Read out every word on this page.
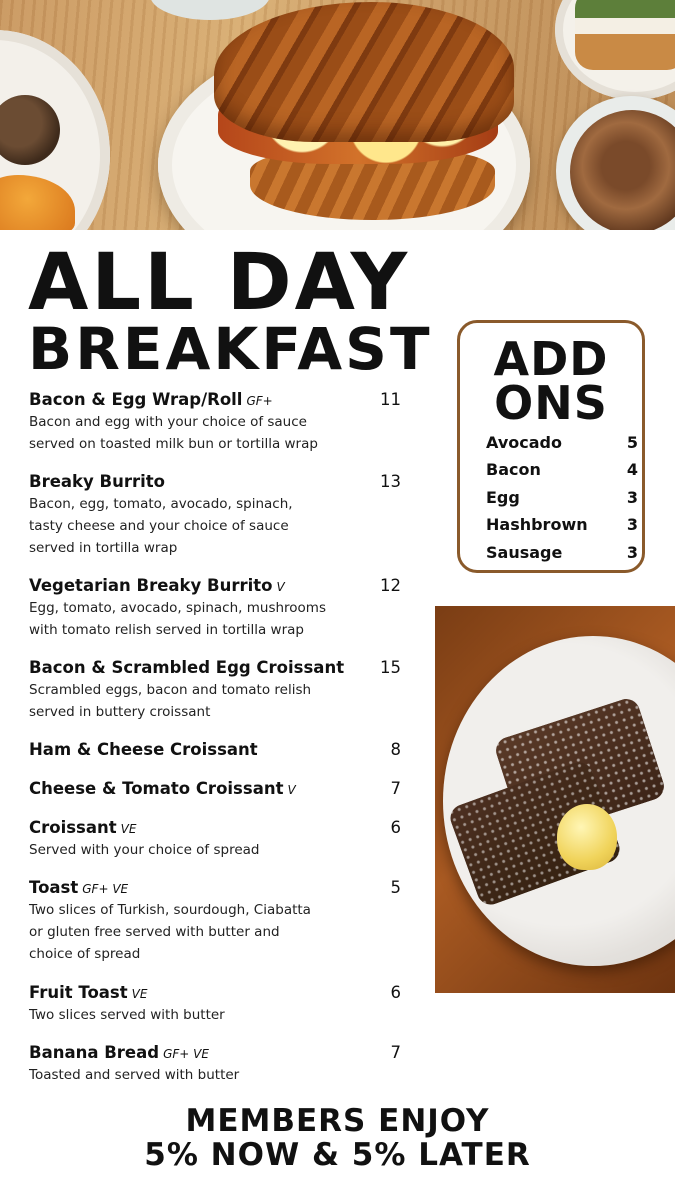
ALL DAY
BREAKFAST
Bacon & Egg Wrap/Roll GF+	11
Bacon and egg with your choice of sauce
served on toasted milk bun or tortilla wrap
Breaky Burrito	13
Bacon, egg, tomato, avocado, spinach,
tasty cheese and your choice of sauce
served in tortilla wrap
Vegetarian Breaky Burrito V	12
Egg, tomato, avocado, spinach, mushrooms
with tomato relish served in tortilla wrap
Bacon & Scrambled Egg Croissant 15
Scrambled eggs, bacon and tomato relish
served in buttery croissant
Ham & Cheese Croissant	8
Cheese & Tomato Croissant V	7
Croissant VE	6
Served with your choice of spread
Toast GF+ VE	5
Two slices of Turkish, sourdough, Ciabatta
or gluten free served with butter and
choice of spread
Fruit Toast VE	6
Two slices served with butter
Banana Bread GF+ VE	7
Toasted and served with butter
ADD
ONS
Avocado	5
Bacon	4
Egg	3
Hashbrown 3
Sausage	3
MEMBERS ENJOY
5% NOW & 5% LATER
